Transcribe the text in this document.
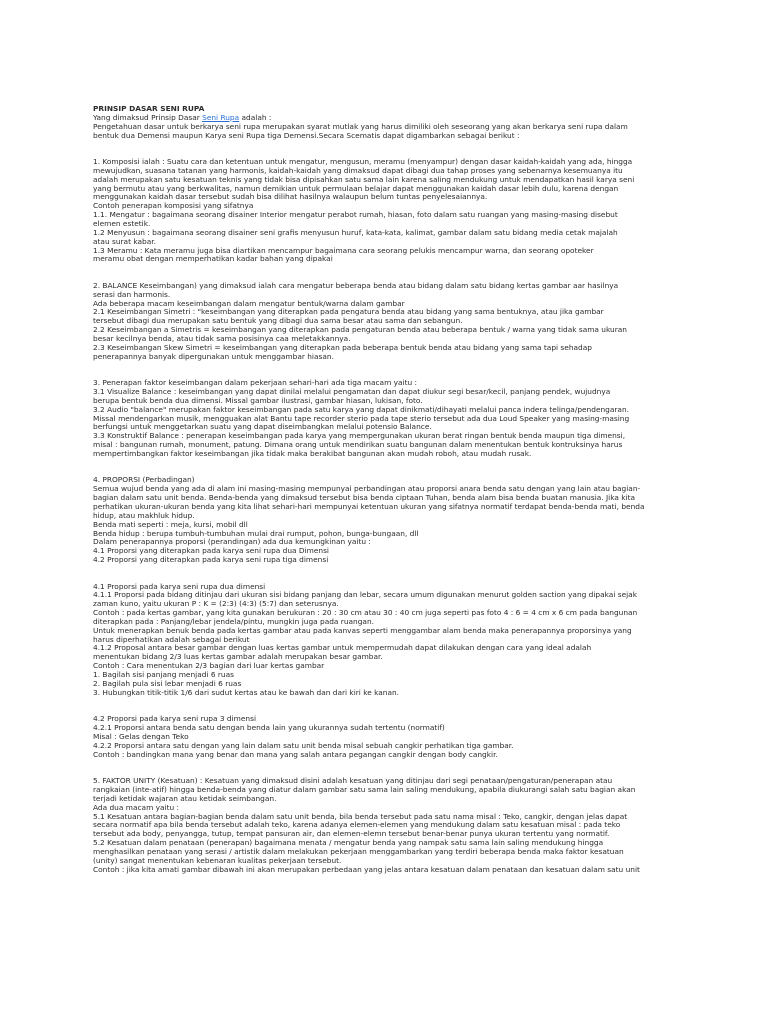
PRINSIP DASAR SENI RUPA
Yang dimaksud Prinsip Dasar Seni Rupa adalah :
Pengetahuan dasar untuk berkarya seni rupa merupakan syarat mutlak yang harus dimiliki oleh seseorang yang akan berkarya seni rupa dalam
bentuk dua Demensi maupun Karya seni Rupa tiga Demensi.Secara Scematis dapat digambarkan sebagai berikut :
1. Komposisi ialah : Suatu cara dan ketentuan untuk mengatur, mengusun, meramu (menyampur) dengan dasar kaidah-kaidah yang ada, hingga
mewujudkan, suasana tatanan yang harmonis, kaidah-kaidah yang dimaksud dapat dibagi dua tahap proses yang sebenarnya kesemuanya itu
adalah merupakan satu kesatuan teknis yang tidak bisa dipisahkan satu sama lain karena saling mendukung untuk mendapatkan hasil karya seni
yang bermutu atau yang berkwalitas, namun demikian untuk permulaan belajar dapat menggunakan kaidah dasar lebih dulu, karena dengan
menggunakan kaidah dasar tersebut sudah bisa dilihat hasilnya walaupun belum tuntas penyelesaiannya.
Contoh penerapan komposisi yang sifatnya
1.1. Mengatur : bagaimana seorang disainer Interior mengatur perabot rumah, hiasan, foto dalam satu ruangan yang masing-masing disebut
elemen estetik.
1.2 Menyusun : bagaimana seorang disainer seni grafis menyusun huruf, kata-kata, kalimat, gambar dalam satu bidang media cetak majalah
atau surat kabar.
1.3 Meramu : Kata meramu juga bisa diartikan mencampur bagaimana cara seorang pelukis mencampur warna, dan seorang opoteker
meramu obat dengan memperhatikan kadar bahan yang dipakai
2. BALANCE Keseimbangan) yang dimaksud ialah cara mengatur beberapa benda atau bidang dalam satu bidang kertas gambar aar hasilnya
serasi dan harmonis.
Ada beberapa macam keseimbangan dalam mengatur bentuk/warna dalam gambar
2.1 Keseimbangan Simetri : "keseimbangan yang diterapkan pada pengatura benda atau bidang yang sama bentuknya, atau jika gambar
tersebut dibagi dua merupakan satu bentuk yang dibagi dua sama besar atau sama dan sebangun.
2.2 Keseimbangan a Simetris = keseimbangan yang diterapkan pada pengaturan benda atau beberapa bentuk / warna yang tidak sama ukuran
besar kecilnya benda, atau tidak sama posisinya caa meletakkannya.
2.3 Keseimbangan Skew Simetri = keseimbangan yang diterapkan pada beberapa bentuk benda atau bidang yang sama tapi sehadap
penerapannya banyak dipergunakan untuk menggambar hiasan.
3. Penerapan faktor keseimbangan dalam pekerjaan sehari-hari ada tiga macam yaitu :
3.1 Visualize Balance : keseimbangan yang dapat dinilai melalui pengamatan dan dapat diukur segi besar/kecil, panjang pendek, wujudnya
berupa bentuk benda dua dimensi. Missal gambar ilustrasi, gambar hiasan, lukisan, foto.
3.2 Audio "balance" merupakan faktor keseimbangan pada satu karya yang dapat dinikmati/dihayati melalui panca indera telinga/pendengaran.
Missal mendengarkan musik, mengguakan alat Bantu tape recorder sterio pada tape sterio tersebut ada dua Loud Speaker yang masing-masing
berfungsi untuk menggetarkan suatu yang dapat diseimbangkan melalui potensio Balance.
3.3 Konstruktif Balance : penerapan keseimbangan pada karya yang mempergunakan ukuran berat ringan bentuk benda maupun tiga dimensi,
misal : bangunan rumah, monument, patung. Dimana orang untuk mendirikan suatu bangunan dalam menentukan bentuk kontruksinya harus
mempertimbangkan faktor keseimbangan jika tidak maka berakibat bangunan akan mudah roboh, atau mudah rusak.
4. PROPORSI (Perbadingan)
Semua wujud benda yang ada di alam ini masing-masing mempunyai perbandingan atau proporsi anara benda satu dengan yang lain atau bagian-
bagian dalam satu unit benda. Benda-benda yang dimaksud tersebut bisa benda ciptaan Tuhan, benda alam bisa benda buatan manusia. Jika kita
perhatikan ukuran-ukuran benda yang kita lihat sehari-hari mempunyai ketentuan ukuran yang sifatnya normatif terdapat benda-benda mati, benda
hidup, atau makhluk hidup.
Benda mati seperti : meja, kursi, mobil dll
Benda hidup : berupa tumbuh-tumbuhan mulai drai rumput, pohon, bunga-bungaan, dll
Dalam penerapannya proporsi (perandingan) ada dua kemungkinan yaitu :
4.1 Proporsi yang diterapkan pada karya seni rupa dua Dimensi
4.2 Proporsi yang diterapkan pada karya seni rupa tiga dimensi
4.1 Proporsi pada karya seni rupa dua dimensi
4.1.1 Proporsi pada bidang ditinjau dari ukuran sisi bidang panjang dan lebar, secara umum digunakan menurut golden saction yang dipakai sejak
zaman kuno, yaitu ukuran P : K = (2:3) (4:3) (5:7) dan seterusnya.
Contoh : pada kertas gambar, yang kita gunakan berukuran : 20 : 30 cm atau 30 : 40 cm juga seperti pas foto 4 : 6 = 4 cm x 6 cm pada bangunan
diterapkan pada : Panjang/lebar jendela/pintu, mungkin juga pada ruangan.
Untuk menerapkan benuk benda pada kertas gambar atau pada kanvas seperti menggambar alam benda maka penerapannya proporsinya yang
harus diperhatikan adalah sebagai berikut
4.1.2 Proposal antara besar gambar dengan luas kertas gambar untuk mempermudah dapat dilakukan dengan cara yang ideal adalah
menentukan bidang 2/3 luas kertas gambar adalah merupakan besar gambar.
Contoh : Cara menentukan 2/3 bagian dari luar kertas gambar
1. Bagilah sisi panjang menjadi 6 ruas
2. Bagilah pula sisi lebar menjadi 6 ruas
3. Hubungkan titik-titik 1/6 dari sudut kertas atau ke bawah dan dari kiri ke kanan.
4.2 Proporsi pada karya seni rupa 3 dimensi
4.2.1 Proporsi antara benda satu dengan benda lain yang ukurannya sudah tertentu (normatif)
Misal : Gelas dengan Teko
4.2.2 Proporsi antara satu dengan yang lain dalam satu unit benda misal sebuah cangkir perhatikan tiga gambar.
Contoh : bandingkan mana yang benar dan mana yang salah antara pegangan cangkir dengan body cangkir.
5. FAKTOR UNITY (Kesatuan) : Kesatuan yang dimaksud disini adalah kesatuan yang ditinjau dari segi penataan/pengaturan/penerapan atau
rangkaian (inte-atif) hingga benda-benda yang diatur dalam gambar satu sama lain saling mendukung, apabila diukurangi salah satu bagian akan
terjadi ketidak wajaran atau ketidak seimbangan.
Ada dua macam yaitu :
5.1 Kesatuan antara bagian-bagian benda dalam satu unit benda, bila benda tersebut pada satu nama misal : Teko, cangkir, dengan jelas dapat
secara normatif apa bila benda tersebut adalah teko, karena adanya elemen-elemen yang mendukung dalam satu kesatuan misal : pada teko
tersebut ada body, penyangga, tutup, tempat pansuran air, dan elemen-elemn tersebut benar-benar punya ukuran tertentu yang normatif.
5.2 Kesatuan dalam penataan (penerapan) bagaimana menata / mengatur benda yang nampak satu sama lain saling mendukung hingga
menghasilkan penataan yang serasi / artistik dalam melakukan pekerjaan menggambarkan yang terdiri beberapa benda maka faktor kesatuan
(unity) sangat menentukan kebenaran kualitas pekerjaan tersebut.
Contoh : jika kita amati gambar dibawah ini akan merupakan perbedaan yang jelas antara kesatuan dalam penataan dan kesatuan dalam satu unit
